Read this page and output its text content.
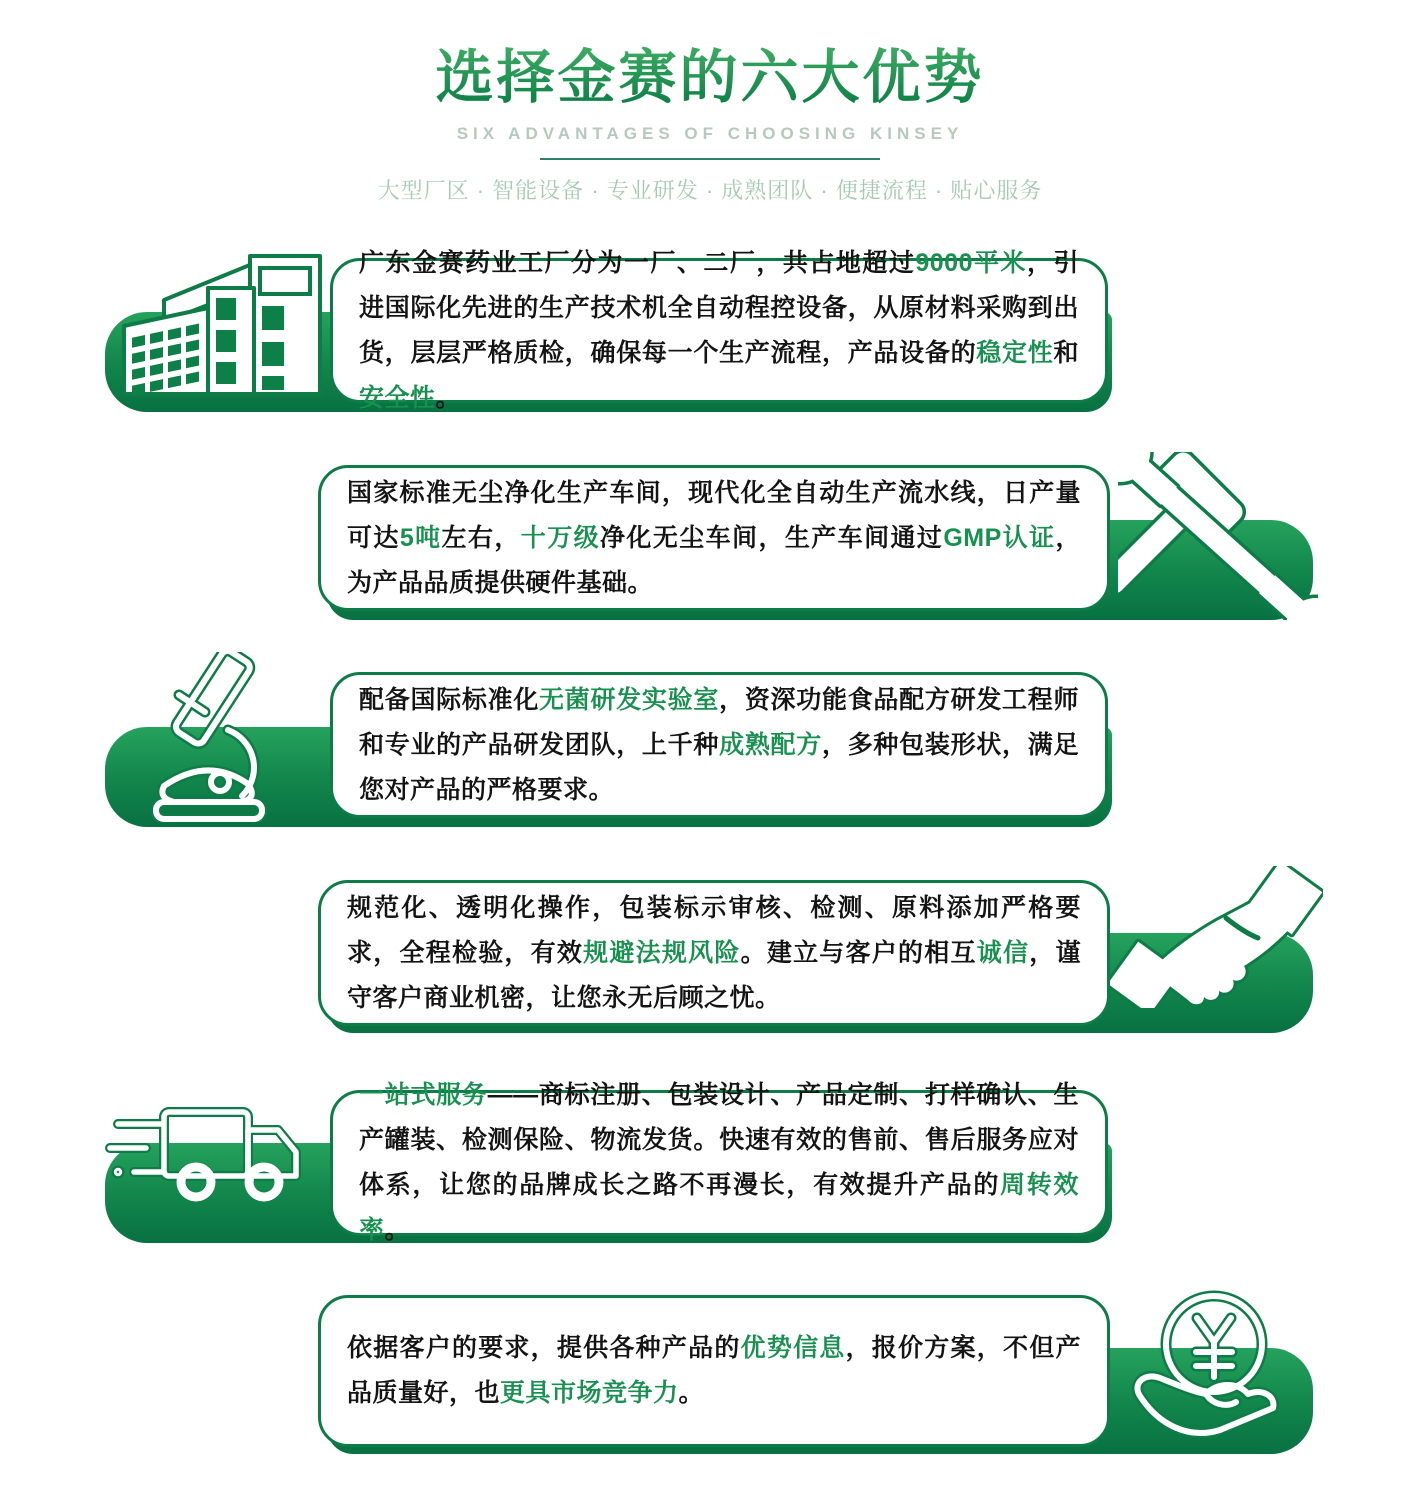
选择金赛的六大优势
SIX ADVANTAGES OF CHOOSING KINSEY
大型厂区 · 智能设备 · 专业研发 · 成熟团队 · 便捷流程 · 贴心服务

广东金赛药业工厂分为一厂、二厂，共占地超过9000平米，引进国际化先进的生产技术机全自动程控设备，从原材料采购到出货，层层严格质检，确保每一个生产流程，产品设备的稳定性和安全性。

国家标准无尘净化生产车间，现代化全自动生产流水线，日产量可达5吨左右，十万级净化无尘车间，生产车间通过GMP认证，为产品品质提供硬件基础。

配备国际标准化无菌研发实验室，资深功能食品配方研发工程师和专业的产品研发团队，上千种成熟配方，多种包装形状，满足您对产品的严格要求。

规范化、透明化操作，包装标示审核、检测、原料添加严格要求，全程检验，有效规避法规风险。建立与客户的相互诚信，谨守客户商业机密，让您永无后顾之忧。

一站式服务——商标注册、包装设计、产品定制、打样确认、生产罐装、检测保险、物流发货。快速有效的售前、售后服务应对体系，让您的品牌成长之路不再漫长，有效提升产品的周转效率。

依据客户的要求，提供各种产品的优势信息，报价方案，不但产品质量好，也更具市场竞争力。
